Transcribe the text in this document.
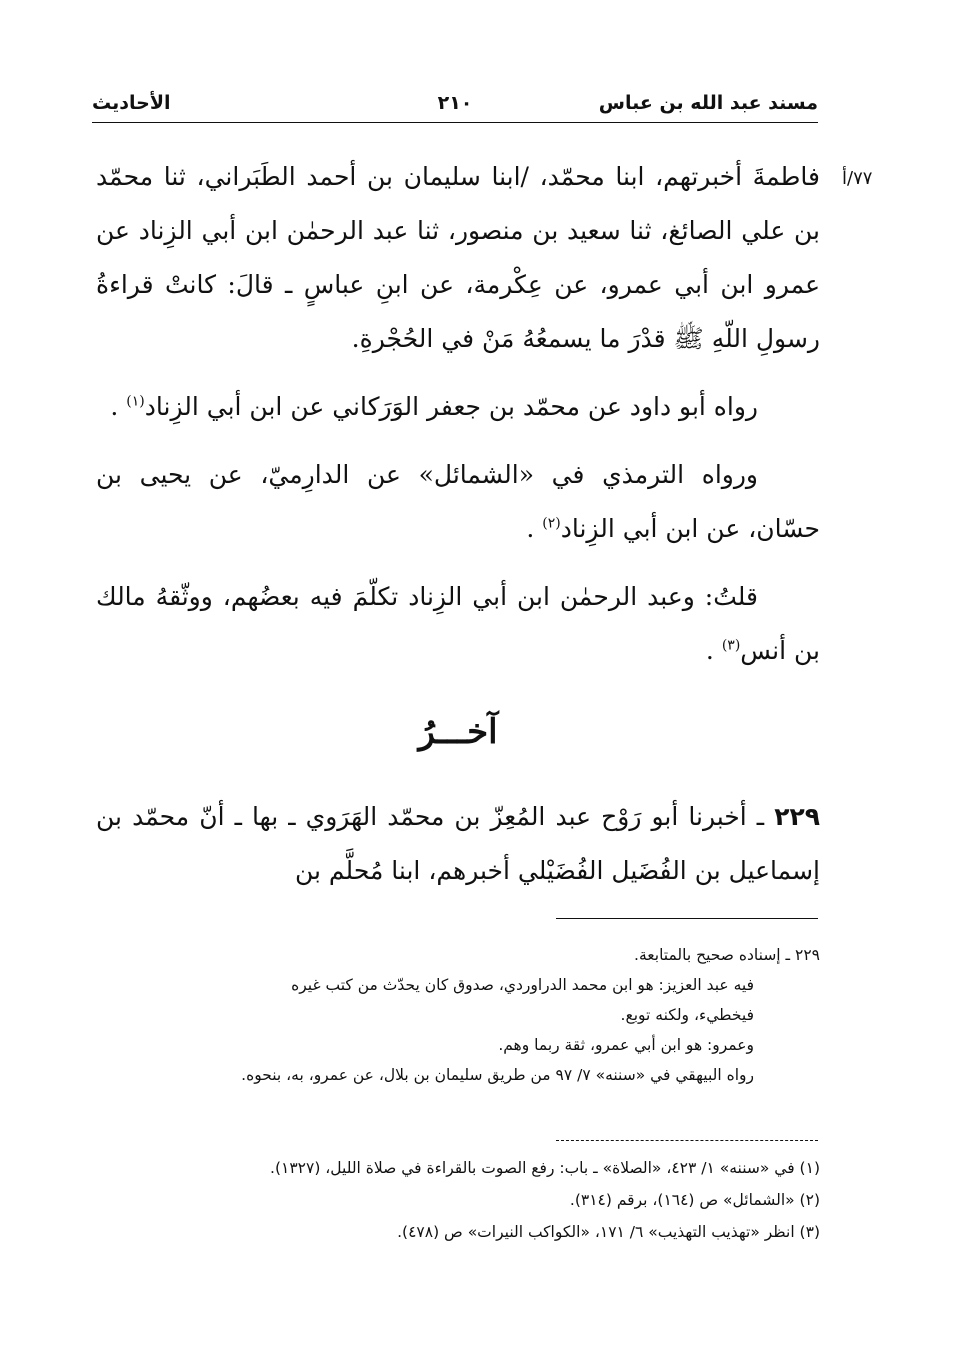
مسند عبد الله بن عباس
٢١٠
الأحاديث
٧٧/أ

فاطمةَ أخبرتهم، ابنا محمّد، /ابنا سليمان بن أحمد الطَبَراني، ثنا محمّد بن علي الصائغ، ثنا سعيد بن منصور، ثنا عبد الرحمٰن ابن أبي الزِناد عن عمرو ابن أبي عمرو، عن عِكْرمة، عن ابنِ عباسٍ ـ قالَ: كانتْ قراءةُ رسولِ اللّهِ ﷺ قدْرَ ما يسمعُهُ مَنْ في الحُجْرةِ.

رواه أبو داود عن محمّد بن جعفر الوَرَكاني عن ابن أبي الزِناد$^{(١)}$ .

ورواه الترمذي في «الشمائل» عن الدارِميّ، عن يحيى بن حسّان، عن ابن أبي الزِناد$^{(٢)}$ .

قلتُ: وعبد الرحمٰن ابن أبي الزِناد تكلّمَ فيه بعضُهم، ووثّقهُ مالك بن أنس$^{(٣)}$ .

آخـــرُ
٢٢٩ ـ أخبرنا أبو رَوْح عبد المُعِزّ بن محمّد الهَرَوي ـ بها ـ أنّ محمّد بن إسماعيل بن الفُضَيل الفُضَيْلي أخبرهم، ابنا مُحلَّم بن
٢٢٩ ـ إسناده صحيح بالمتابعة.
فيه عبد العزيز: هو ابن محمد الدراوردي، صدوق كان يحدّث من كتب غيره
فيخطيء، ولكنه توبع.
وعمرو: هو ابن أبي عمرو، ثقة ربما وهم.
رواه البيهقي في «سننه» ٧/ ٩٧ من طريق سليمان بن بلال، عن عمرو، به، بنحوه.
(١) في «سننه» ١/ ٤٢٣، «الصلاة» ـ باب: رفع الصوت بالقراءة في صلاة الليل، (١٣٢٧).
(٢) «الشمائل» ص (١٦٤)، برقم (٣١٤).
(٣) انظر «تهذيب التهذيب» ٦/ ١٧١، «الكواكب النيرات» ص (٤٧٨).
